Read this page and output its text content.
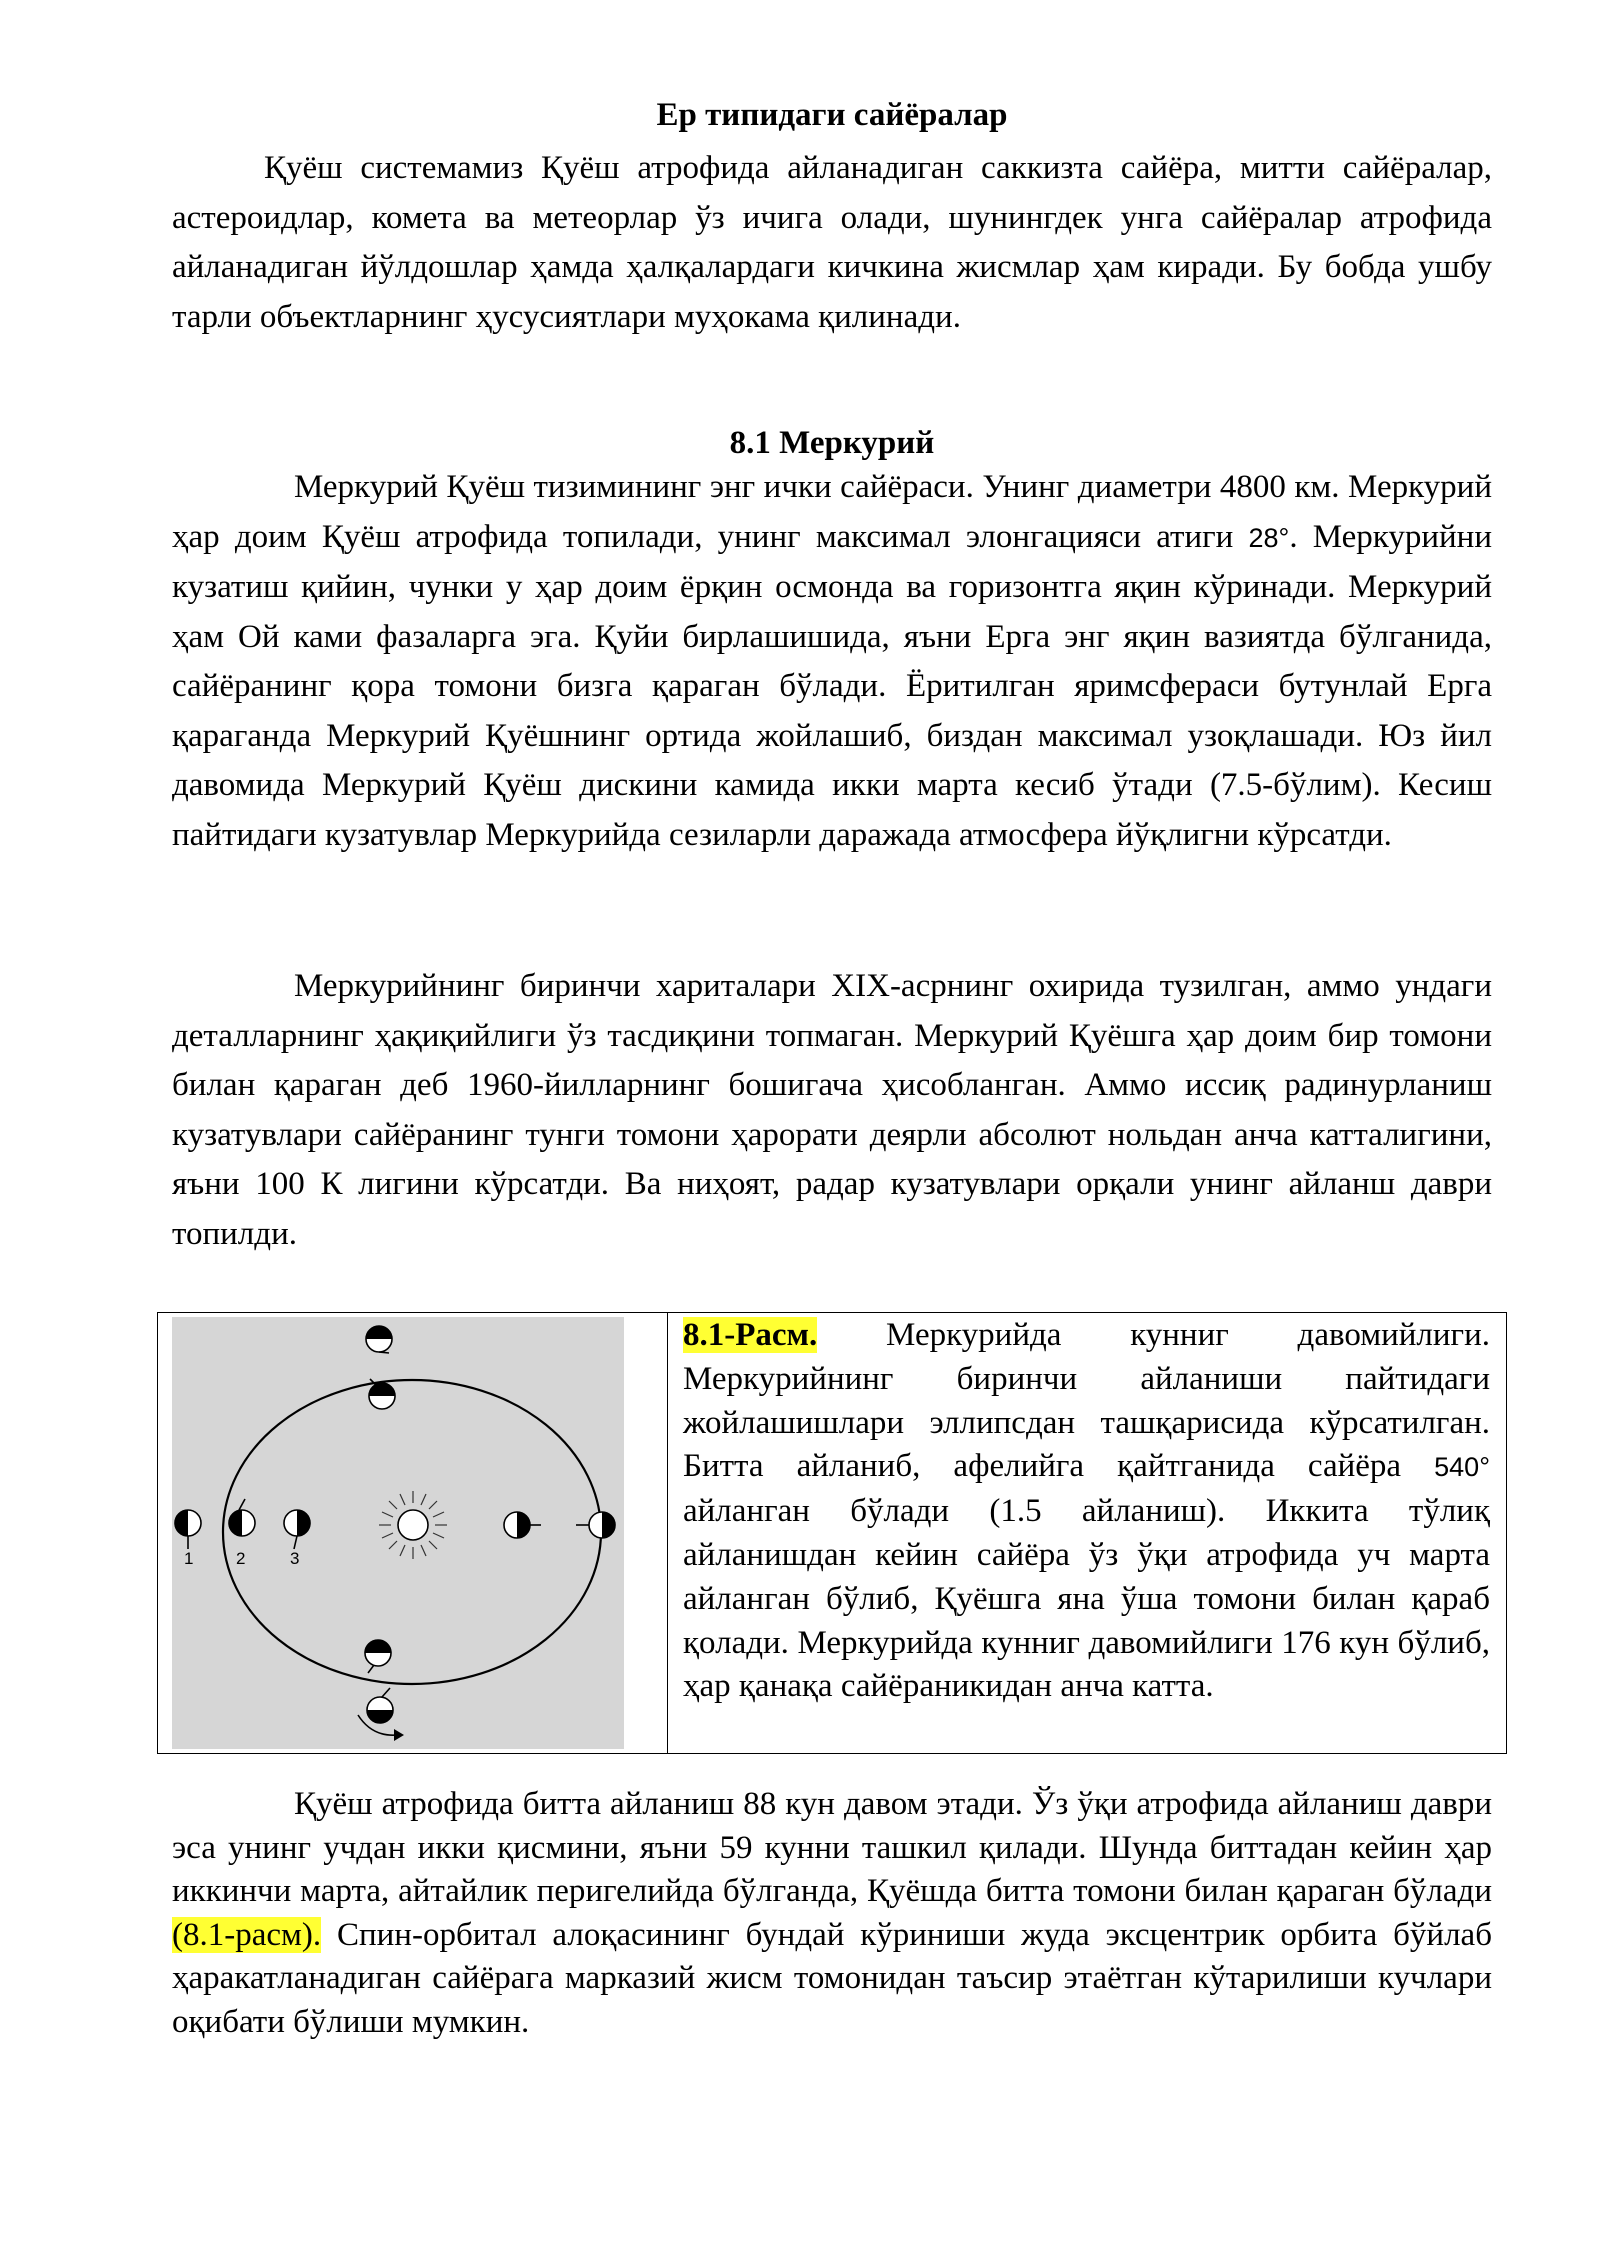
Ер типидаги сайёралар

Қуёш системамиз Қуёш атрофида айланадиган саккизта сайёра, митти сайёралар, астероидлар, комета ва метеорлар ўз ичига олади, шунингдек унга сайёралар атрофида айланадиган йўлдошлар ҳамда ҳалқалардаги кичкина жисмлар ҳам киради. Бу бобда ушбу тарли объектларнинг ҳусусиятлари муҳокама қилинади.

8.1 Меркурий

Меркурий Қуёш тизимининг энг ички сайёраси. Унинг диаметри 4800 км. Меркурий ҳар доим Қуёш атрофида топилади, унинг максимал элонгацияси атиги 28°. Меркурийни кузатиш қийин, чунки у ҳар доим ёрқин осмонда ва горизонтга яқин кўринади. Меркурий ҳам Ой ками фазаларга эга. Қуйи бирлашишида, яъни Ерга энг яқин вазиятда бўлганида, сайёранинг қора томони бизга қараган бўлади. Ёритилган яримсфераси бутунлай Ерга қараганда Меркурий Қуёшнинг ортида жойлашиб, биздан максимал узоқлашади. Юз йил давомида Меркурий Қуёш дискини камида икки марта кесиб ўтади (7.5-бўлим). Кесиш пайтидаги кузатувлар Меркурийда сезиларли даражада атмосфера йўқлигни кўрсатди.

Меркурийнинг биринчи хариталари XIX-асрнинг охирида тузилган, аммо ундаги деталларнинг ҳақиқийлиги ўз тасдиқини топмаган. Меркурий Қуёшга ҳар доим бир томони билан қараган деб 1960-йилларнинг бошигача ҳисобланган. Аммо иссиқ радинурланиш кузатувлари сайёранинг тунги томони ҳарорати деярли абсолют нольдан анча катталигини, яъни 100 К лигини кўрсатди. Ва ниҳоят, радар кузатувлари орқали унинг айланш даври топилди.

1	2	3

8.1-Расм. Меркурийда кунниг давомийлиги. Меркурийнинг биринчи айланиши пайтидаги жойлашишлари эллипсдан ташқарисида кўрсатилган. Битта айланиб, афелийга қайтганида сайёра 540° айланган бўлади (1.5 айланиш). Иккита тўлиқ айланишдан кейин сайёра ўз ўқи атрофида уч марта айланган бўлиб, Қуёшга яна ўша томони билан қараб қолади. Меркурийда кунниг давомийлиги 176 кун бўлиб, ҳар қанақа сайёраникидан анча катта.

Қуёш атрофида битта айланиш 88 кун давом этади. Ўз ўқи атрофида айланиш даври эса унинг учдан икки қисмини, яъни 59 кунни ташкил қилади. Шунда биттадан кейин ҳар иккинчи марта, айтайлик перигелийда бўлганда, Қуёшда битта томони билан қараган бўлади (8.1-расм). Спин-орбитал алоқасининг бундай кўриниши жуда эксцентрик орбита бўйлаб ҳаракатланадиган сайёрага марказий жисм томонидан таъсир этаётган кўтарилиши кучлари оқибати бўлиши мумкин.
